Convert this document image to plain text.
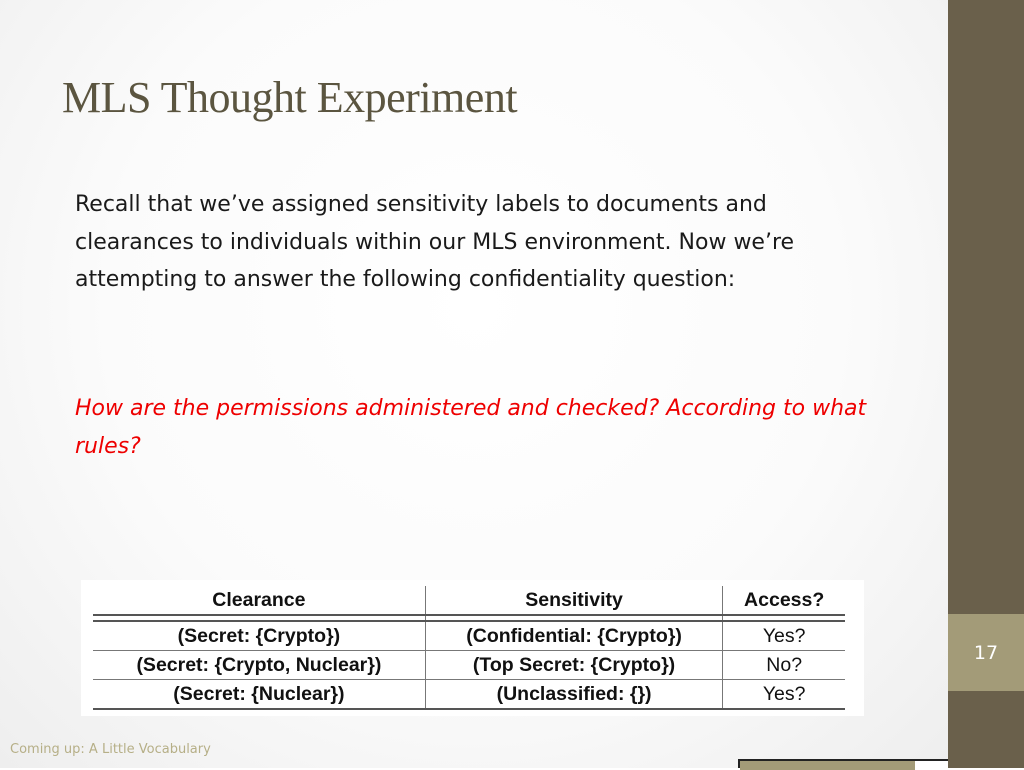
MLS Thought Experiment

Recall that we’ve assigned sensitivity labels to documents and clearances to individuals within our MLS environment. Now we’re attempting to answer the following confidentiality question:

How are the permissions administered and checked? According to what rules?

Clearance	Sensitivity	Access?

(Secret: {Crypto})	(Confidential: {Crypto})	Yes?
(Secret: {Crypto, Nuclear})	(Top Secret: {Crypto})	No?
(Secret: {Nuclear})	(Unclassified: {})	Yes?
Coming up: A Little Vocabulary
17
